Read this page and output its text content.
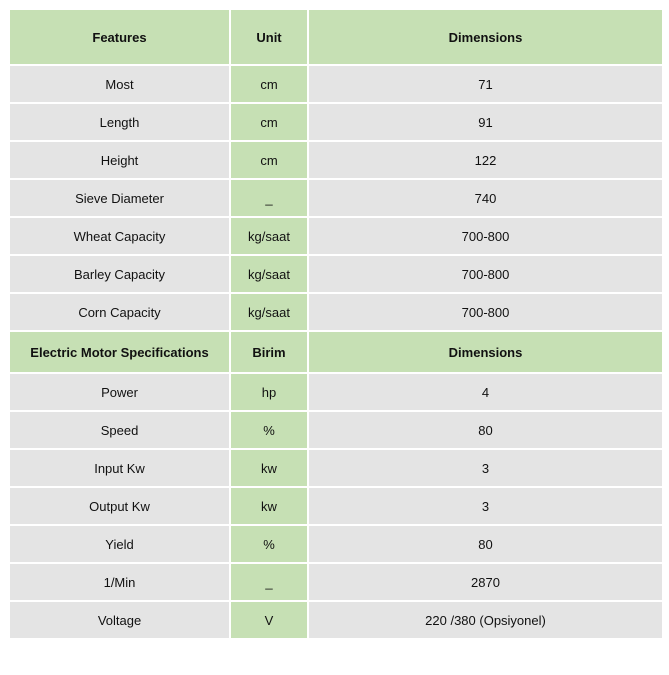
Features	Unit	Dimensions
Most	cm	71
Length	cm	91
Height	cm	122
Sieve Diameter	_	740
Wheat Capacity	kg/saat	700-800
Barley Capacity	kg/saat	700-800
Corn Capacity	kg/saat	700-800
Electric Motor Specifications	Birim	Dimensions
Power	hp	4
Speed	%	80
Input Kw	kw	3
Output Kw	kw	3
Yield	%	80
1/Min	_	2870
Voltage	V	220 /380 (Opsiyonel)
